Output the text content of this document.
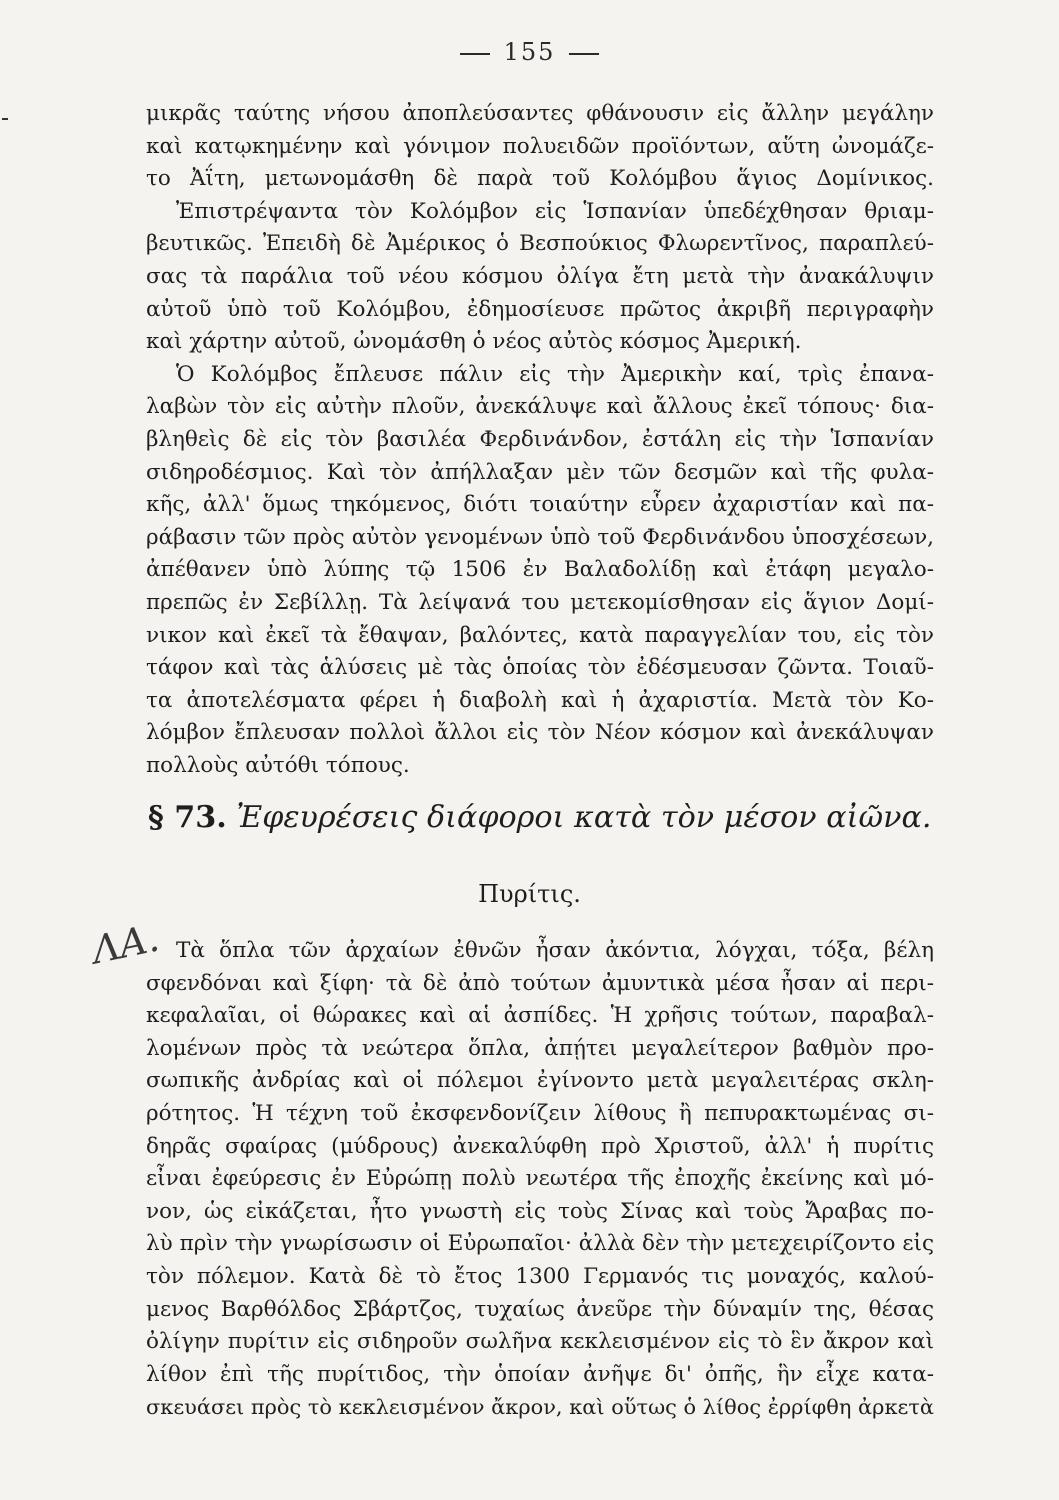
155
μικρᾶς ταύτης νήσου ἀποπλεύσαντες φθάνουσιν εἰς ἄλλην μεγάλην
καὶ κατῳκημένην καὶ γόνιμον πολυειδῶν προϊόντων, αὕτη ὠνομάζε-
το Ἀΐτη, μετωνομάσθη δὲ παρὰ τοῦ Κολόμβου ἅγιος Δομίνικος.
Ἐπιστρέψαντα τὸν Κολόμβον εἰς Ἱσπανίαν ὑπεδέχθησαν θριαμ-
βευτικῶς. Ἐπειδὴ δὲ Ἀμέρικος ὁ Βεσπούκιος Φλωρεντῖνος, παραπλεύ-
σας τὰ παράλια τοῦ νέου κόσμου ὀλίγα ἔτη μετὰ τὴν ἀνακάλυψιν
αὐτοῦ ὑπὸ τοῦ Κολόμβου, ἐδημοσίευσε πρῶτος ἀκριβῆ περιγραφὴν
καὶ χάρτην αὐτοῦ, ὠνομάσθη ὁ νέος αὐτὸς κόσμος Ἀμερική.
Ὁ Κολόμβος ἔπλευσε πάλιν εἰς τὴν Ἀμερικὴν καί, τρὶς ἐπανα-
λαβὼν τὸν εἰς αὐτὴν πλοῦν, ἀνεκάλυψε καὶ ἄλλους ἐκεῖ τόπους· δια-
βληθεὶς δὲ εἰς τὸν βασιλέα Φερδινάνδον, ἐστάλη εἰς τὴν Ἱσπανίαν
σιδηροδέσμιος. Καὶ τὸν ἀπήλλαξαν μὲν τῶν δεσμῶν καὶ τῆς φυλα-
κῆς, ἀλλ' ὅμως τηκόμενος, διότι τοιαύτην εὗρεν ἀχαριστίαν καὶ πα-
ράβασιν τῶν πρὸς αὐτὸν γενομένων ὑπὸ τοῦ Φερδινάνδου ὑποσχέσεων,
ἀπέθανεν ὑπὸ λύπης τῷ 1506 ἐν Βαλαδολίδῃ καὶ ἐτάφη μεγαλο-
πρεπῶς ἐν Σεβίλλῃ. Τὰ λείψανά του μετεκομίσθησαν εἰς ἅγιον Δομί-
νικον καὶ ἐκεῖ τὰ ἔθαψαν, βαλόντες, κατὰ παραγγελίαν του, εἰς τὸν
τάφον καὶ τὰς ἁλύσεις μὲ τὰς ὁποίας τὸν ἐδέσμευσαν ζῶντα. Τοιαῦ-
τα ἀποτελέσματα φέρει ἡ διαβολὴ καὶ ἡ ἀχαριστία. Μετὰ τὸν Κο-
λόμβον ἔπλευσαν πολλοὶ ἄλλοι εἰς τὸν Νέον κόσμον καὶ ἀνεκάλυψαν
πολλοὺς αὐτόθι τόπους.
§ 73. Ἐφευρέσεις διάφοροι κατὰ τὸν μέσον αἰῶνα.
Πυρίτις.
ΛΑ. Τὰ ὅπλα τῶν ἀρχαίων ἐθνῶν ἦσαν ἀκόντια, λόγχαι, τόξα, βέλη
σφενδόναι καὶ ξίφη· τὰ δὲ ἀπὸ τούτων ἀμυντικὰ μέσα ἦσαν αἱ περι-
κεφαλαῖαι, οἱ θώρακες καὶ αἱ ἀσπίδες. Ἡ χρῆσις τούτων, παραβαλ-
λομένων πρὸς τὰ νεώτερα ὅπλα, ἀπῄτει μεγαλείτερον βαθμὸν προ-
σωπικῆς ἀνδρίας καὶ οἱ πόλεμοι ἐγίνοντο μετὰ μεγαλειτέρας σκλη-
ρότητος. Ἡ τέχνη τοῦ ἐκσφενδονίζειν λίθους ἢ πεπυρακτωμένας σι-
δηρᾶς σφαίρας (μύδρους) ἀνεκαλύφθη πρὸ Χριστοῦ, ἀλλ' ἡ πυρίτις
εἶναι ἐφεύρεσις ἐν Εὐρώπῃ πολὺ νεωτέρα τῆς ἐποχῆς ἐκείνης καὶ μό-
νον, ὡς εἰκάζεται, ἦτο γνωστὴ εἰς τοὺς Σίνας καὶ τοὺς Ἄραβας πο-
λὺ πρὶν τὴν γνωρίσωσιν οἱ Εὐρωπαῖοι· ἀλλὰ δὲν τὴν μετεχειρίζοντο εἰς
τὸν πόλεμον. Κατὰ δὲ τὸ ἔτος 1300 Γερμανός τις μοναχός, καλού-
μενος Βαρθόλδος Σβάρτζος, τυχαίως ἀνεῦρε τὴν δύναμίν της, θέσας
ὀλίγην πυρίτιν εἰς σιδηροῦν σωλῆνα κεκλεισμένον εἰς τὸ ἓν ἄκρον καὶ
λίθον ἐπὶ τῆς πυρίτιδος, τὴν ὁποίαν ἀνῆψε δι' ὀπῆς, ἣν εἶχε κατα-
σκευάσει πρὸς τὸ κεκλεισμένον ἄκρον, καὶ οὕτως ὁ λίθος ἐρρίφθη ἀρκετὰ
